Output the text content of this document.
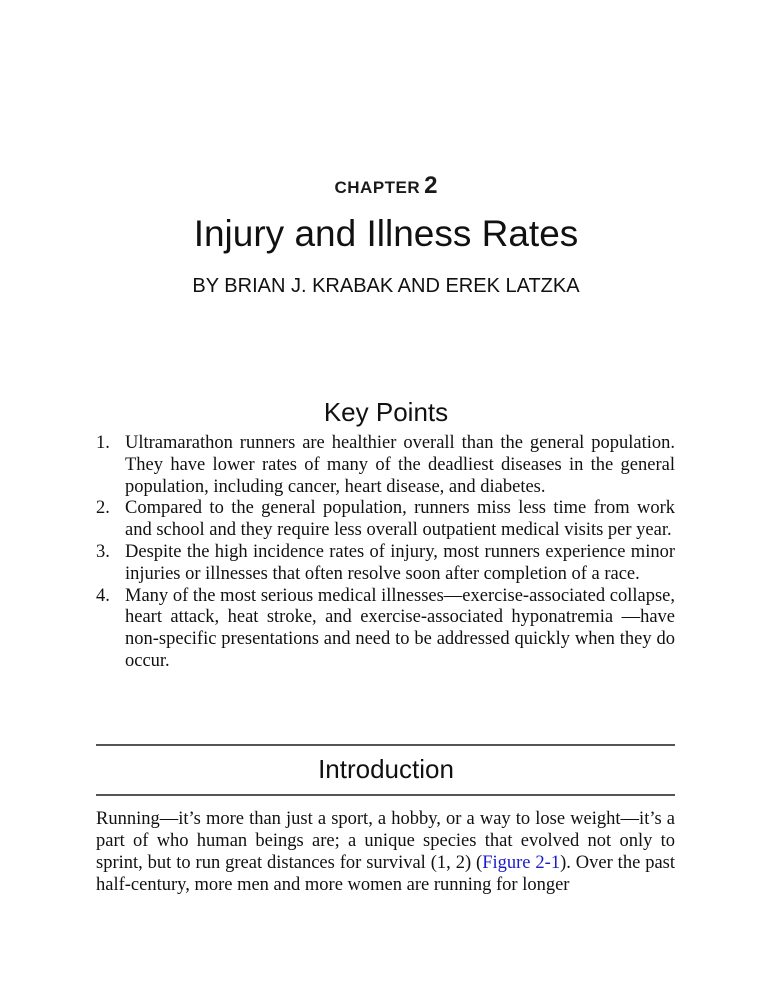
CHAPTER 2
Injury and Illness Rates
BY BRIAN J. KRABAK AND EREK LATZKA
Key Points
1. Ultramarathon runners are healthier overall than the general population. They have lower rates of many of the deadliest diseases in the general population, including cancer, heart disease, and diabetes.
2. Compared to the general population, runners miss less time from work and school and they require less overall outpatient medical visits per year.
3. Despite the high incidence rates of injury, most runners experience minor injuries or illnesses that often resolve soon after completion of a race.
4. Many of the most serious medical illnesses—exercise-associated collapse, heart attack, heat stroke, and exercise-associated hyponatremia —have non-specific presentations and need to be addressed quickly when they do occur.
Introduction

Running—it’s more than just a sport, a hobby, or a way to lose weight—it’s a part of who human beings are; a unique species that evolved not only to sprint, but to run great distances for survival (1, 2) (Figure 2-1). Over the past half-century, more men and more women are running for longer
